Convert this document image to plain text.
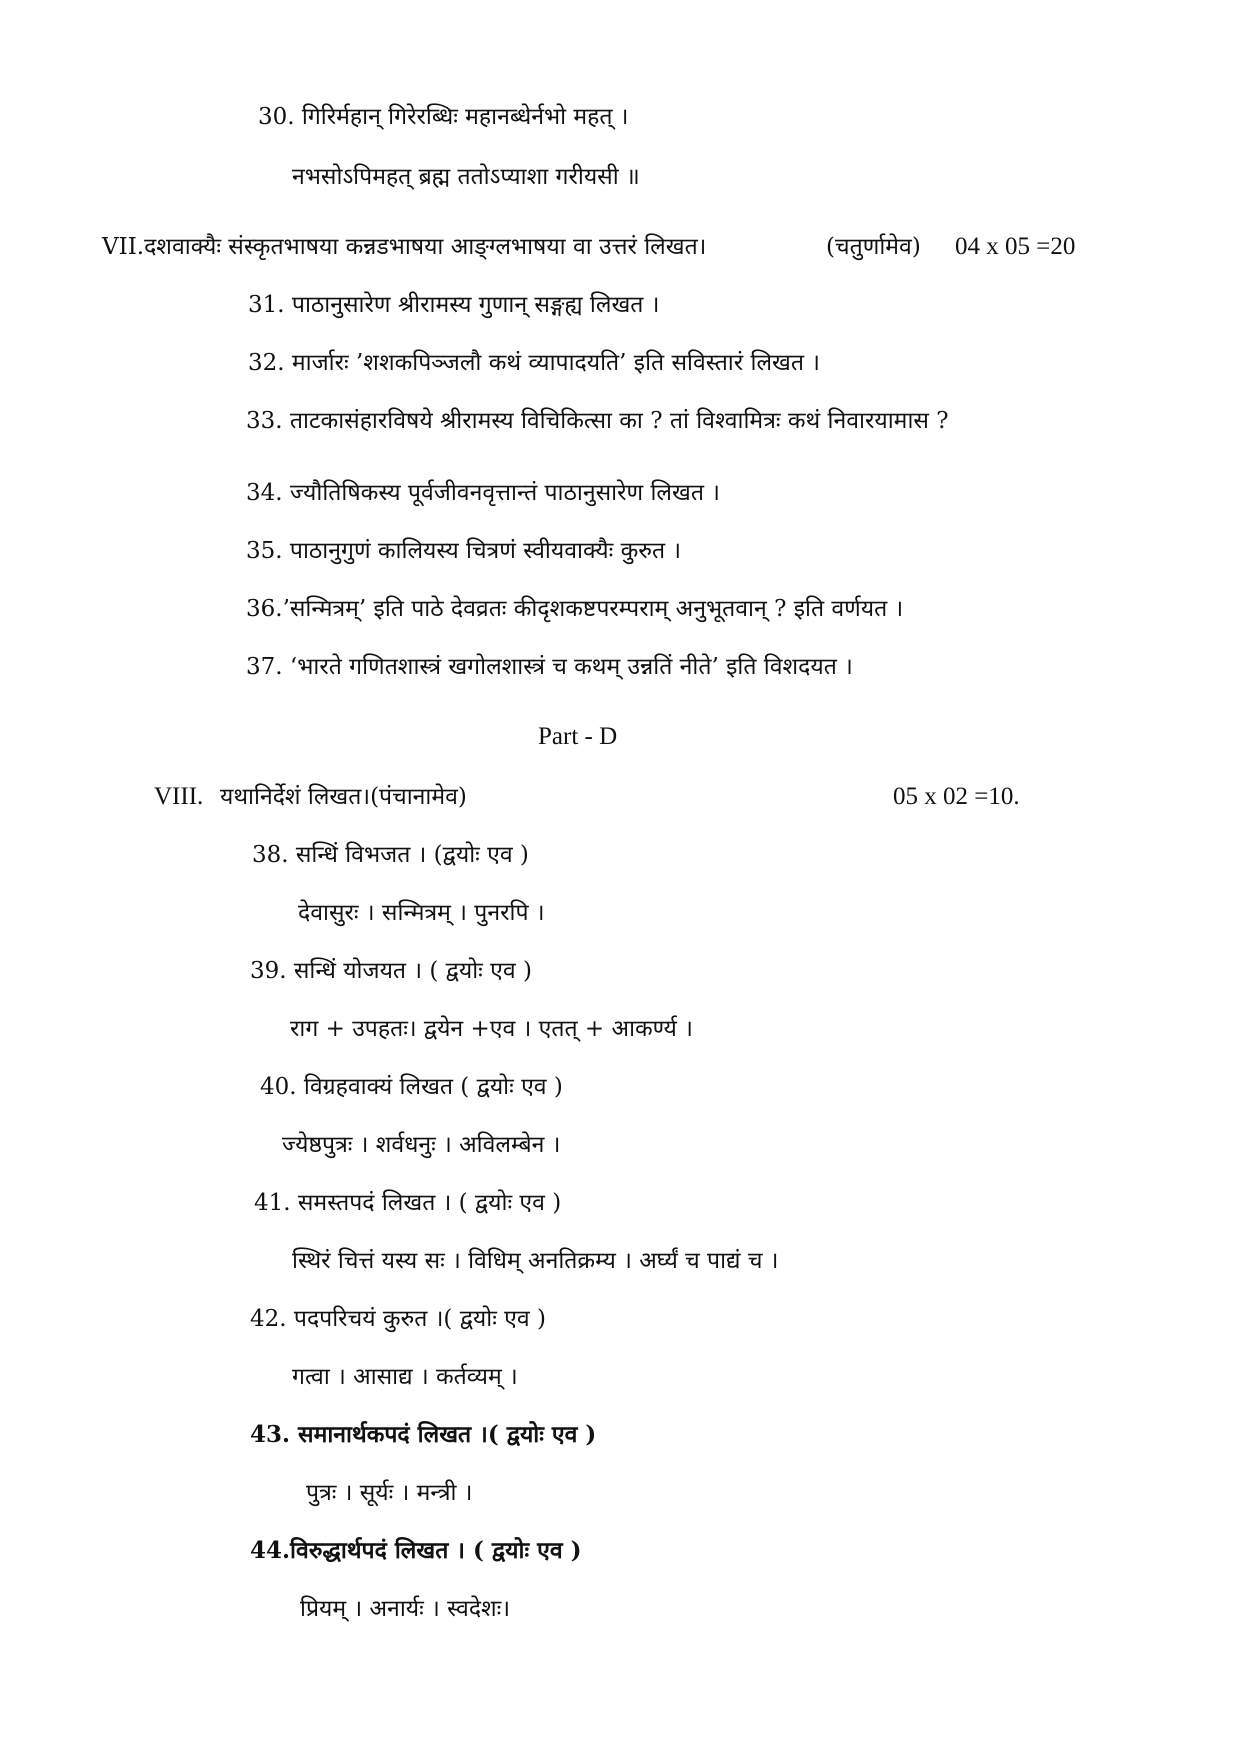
30. गिरिर्महान् गिरेरब्धिः महानब्धेर्नभो महत् ।
नभसोऽपिमहत् ब्रह्म ततोऽप्याशा गरीयसी ॥
VII.दशवाक्यैः संस्कृतभाषया कन्नडभाषया आङ्ग्लभाषया वा उत्तरं लिखत।	(चतुर्णामेव) 04 x 05 =20
31. पाठानुसारेण श्रीरामस्य गुणान् सङ्गह्य लिखत ।
32. मार्जारः ’शशकपिञ्जलौ कथं व्यापादयति’ इति सविस्तारं लिखत ।
33. ताटकासंहारविषये श्रीरामस्य विचिकित्सा का ? तां विश्वामित्रः कथं निवारयामास ?
34. ज्यौतिषिकस्य पूर्वजीवनवृत्तान्तं पाठानुसारेण लिखत ।
35. पाठानुगुणं कालियस्य चित्रणं स्वीयवाक्यैः कुरुत ।
36.’सन्मित्रम्’ इति पाठे देवव्रतः कीदृशकष्टपरम्पराम् अनुभूतवान् ? इति वर्णयत ।
37. ‘भारते गणितशास्त्रं खगोलशास्त्रं च कथम् उन्नतिं नीते’ इति विशदयत ।
Part - D
VIII. यथानिर्देशं लिखत।(पंचानामेव)	05 x 02 =10.
38. सन्धिं विभजत । (द्वयोः एव )
देवासुरः । सन्मित्रम् । पुनरपि ।
39. सन्धिं योजयत । ( द्वयोः एव )
राग + उपहतः। द्वयेन +एव । एतत् + आकर्ण्य ।
40. विग्रहवाक्यं लिखत ( द्वयोः एव )
ज्येष्ठपुत्रः । शर्वधनुः । अविलम्बेन ।
41. समस्तपदं लिखत । ( द्वयोः एव )
स्थिरं चित्तं यस्य सः । विधिम् अनतिक्रम्य । अर्घ्यं च पाद्यं च ।
42. पदपरिचयं कुरुत ।( द्वयोः एव )
गत्वा । आसाद्य । कर्तव्यम् ।
43. समानार्थकपदं लिखत ।( द्वयोः एव )
पुत्रः । सूर्यः । मन्त्री ।
44.विरुद्धार्थपदं लिखत । ( द्वयोः एव )
प्रियम् । अनार्यः । स्वदेशः।
